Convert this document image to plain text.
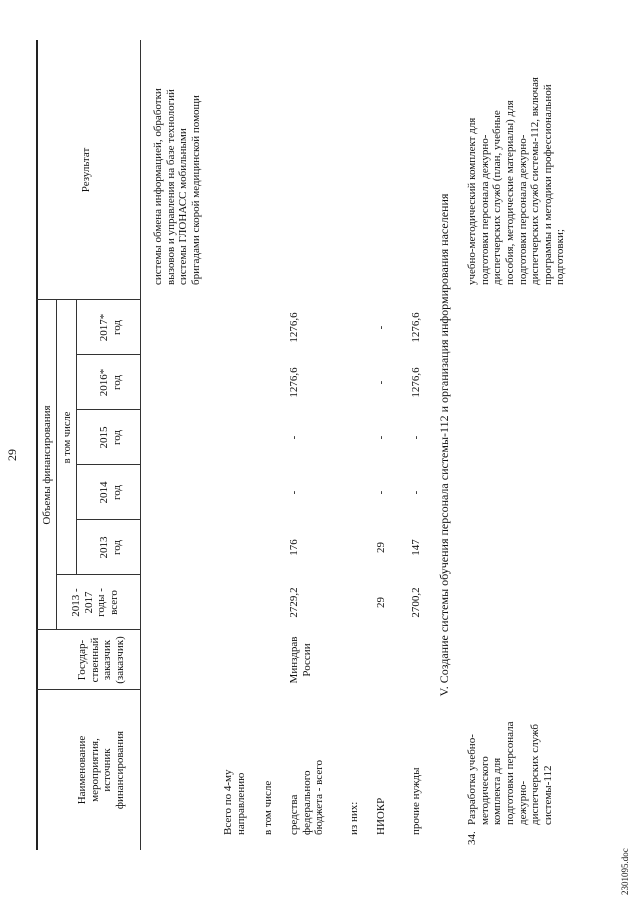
29
Наименование мероприятия, источник финансирования
Государ- ственный заказчик (заказчик)
2013 - 2017 годы - всего
Объемы финансирования в том числе
2013 год
2014 год
2015 год
2016* год
2017* год
Результат	системы обмена информацией, обработки вызовов и управления на базе технологий системы ГЛОНАСС мобильными бригадами скорой медицинской помощи
Всего по 4-му направлению в том числе средства федерального бюджета - всего
Минздрав России
2729,2
176
-
-
1276,6
1276,6
из них: НИОКР
29
29
-
-
-
-
прочие нужды
2700,2
147
-
-
1276,6
1276,6 V. Создание системы обучения персонала системы-112 и организация информирования населения
34.
Разработка учебно- методического комплекта для подготовки персонала дежурно- диспетчерских служб системы-112
учебно-методический комплект для подготовки персонала дежурно- диспетчерских служб (план, учебные пособия, методические материалы) для подготовки персонала дежурно- диспетчерских служб системы-112, включая программы и методики профессиональной подготовки;
2301095.doc
